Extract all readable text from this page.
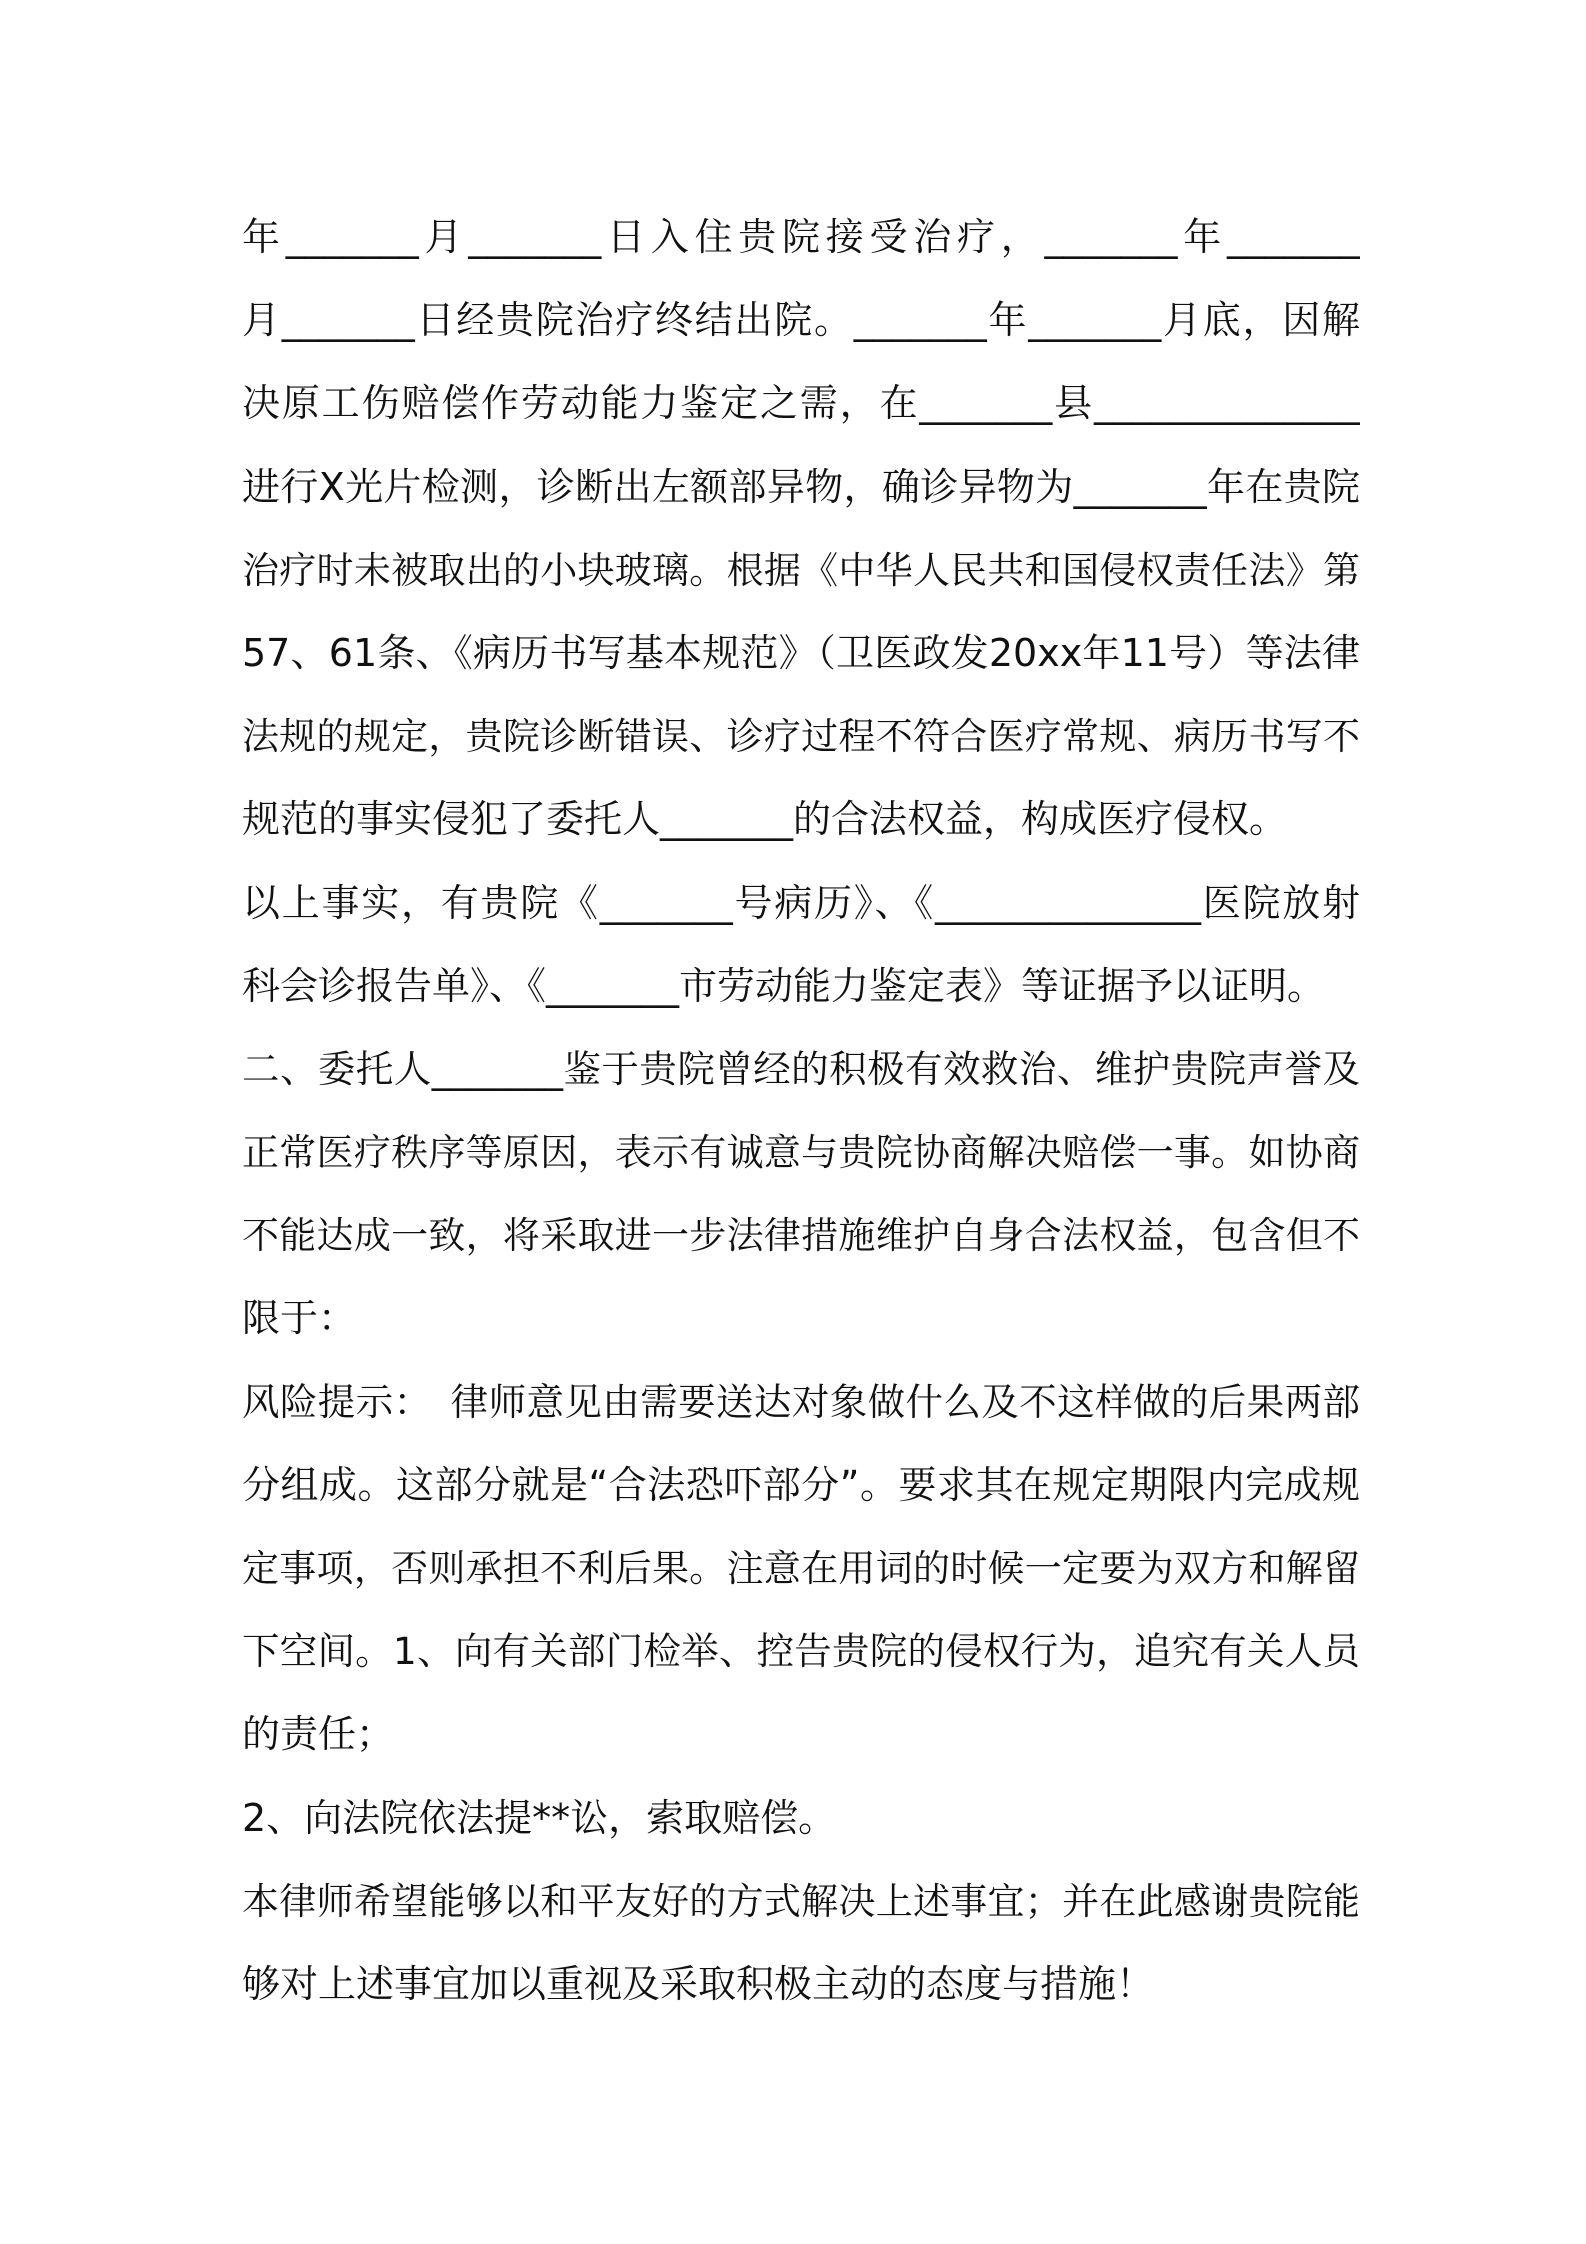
年_______月_______日入住贵院接受治疗，_______年_______
月_______日经贵院治疗终结出院。_______年_______月底，因解
决原工伤赔偿作劳动能力鉴定之需，在_______县______________
进行X光片检测，诊断出左额部异物，确诊异物为_______年在贵院
治疗时未被取出的小块玻璃。根据《中华人民共和国侵权责任法》第
57、61条、《病历书写基本规范》（卫医政发20xx年11号）等法律
法规的规定，贵院诊断错误、诊疗过程不符合医疗常规、病历书写不
规范的事实侵犯了委托人_______的合法权益，构成医疗侵权。
以上事实，有贵院《_______号病历》、《______________医院放射
科会诊报告单》、《_______市劳动能力鉴定表》等证据予以证明。
二、委托人_______鉴于贵院曾经的积极有效救治、维护贵院声誉及
正常医疗秩序等原因，表示有诚意与贵院协商解决赔偿一事。如协商
不能达成一致，将采取进一步法律措施维护自身合法权益，包含但不
限于：
风险提示：　律师意见由需要送达对象做什么及不这样做的后果两部
分组成。这部分就是“合法恐吓部分”。要求其在规定期限内完成规
定事项，否则承担不利后果。注意在用词的时候一定要为双方和解留
下空间。1、向有关部门检举、控告贵院的侵权行为，追究有关人员
的责任；
2、向法院依法提**讼，索取赔偿。
本律师希望能够以和平友好的方式解决上述事宜；并在此感谢贵院能
够对上述事宜加以重视及采取积极主动的态度与措施！
